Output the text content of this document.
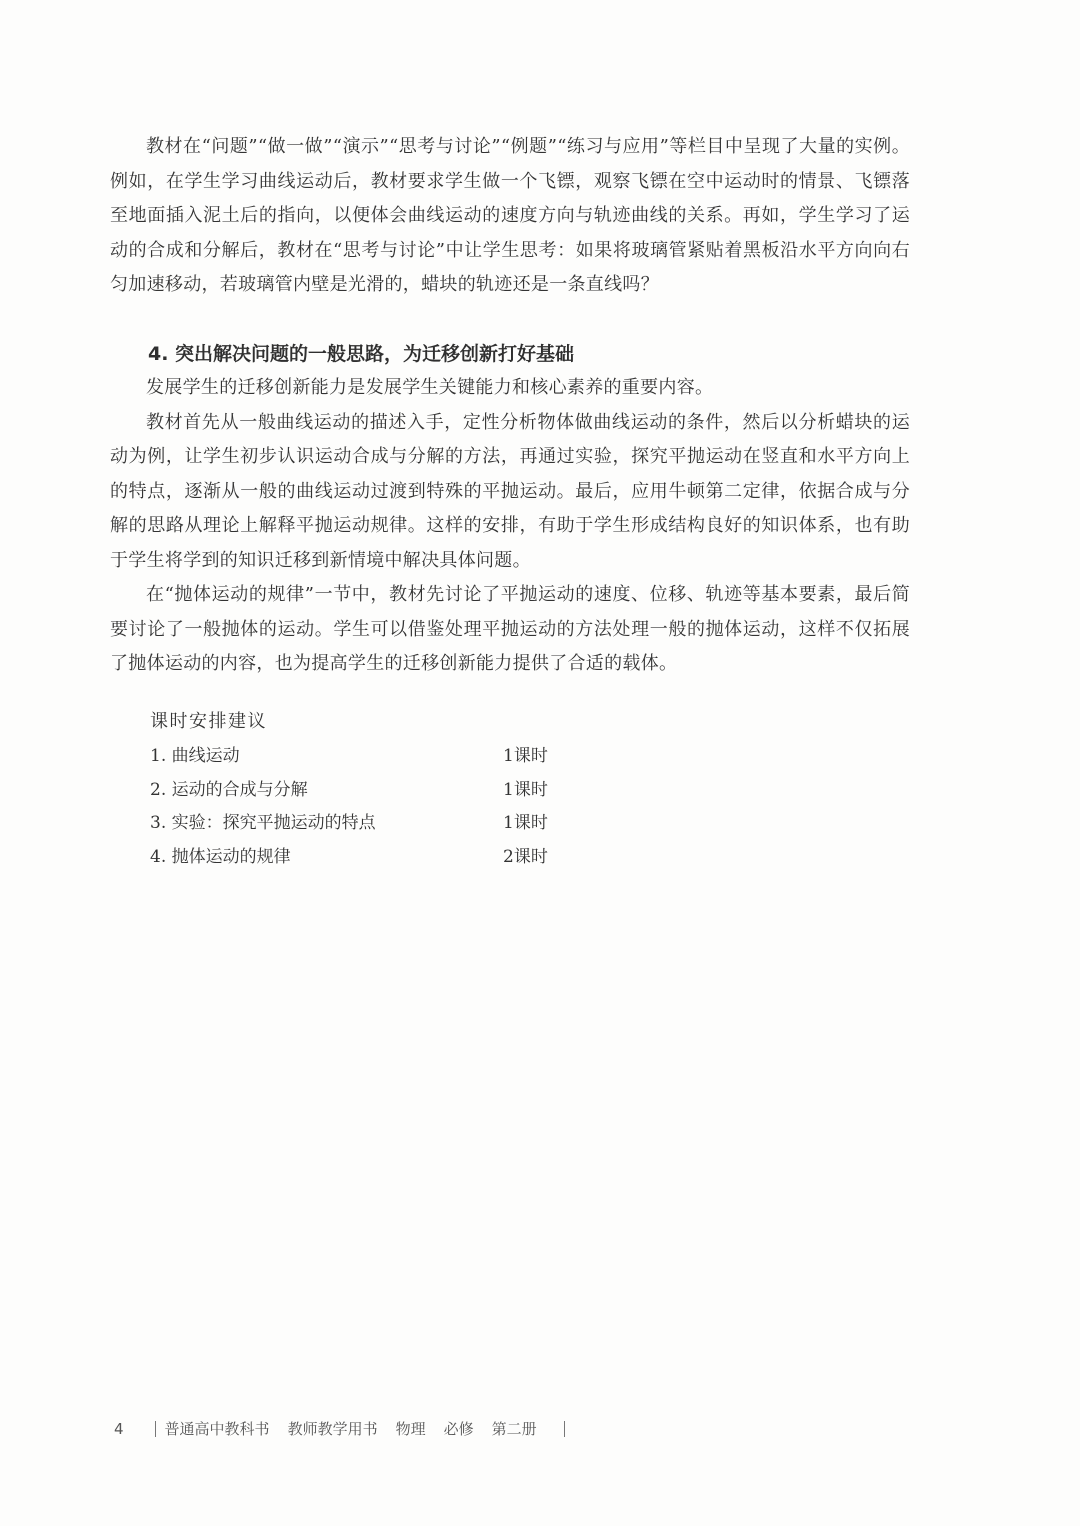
教材在“问题”“做一做”“演示”“思考与讨论”“例题”“练习与应用”等栏目中呈现了大量的实例。例如，在学生学习曲线运动后，教材要求学生做一个飞镖，观察飞镖在空中运动时的情景、飞镖落至地面插入泥土后的指向，以便体会曲线运动的速度方向与轨迹曲线的关系。再如，学生学习了运动的合成和分解后，教材在“思考与讨论”中让学生思考：如果将玻璃管紧贴着黑板沿水平方向向右匀加速移动，若玻璃管内壁是光滑的，蜡块的轨迹还是一条直线吗？

4. 突出解决问题的一般思路，为迁移创新打好基础

发展学生的迁移创新能力是发展学生关键能力和核心素养的重要内容。

教材首先从一般曲线运动的描述入手，定性分析物体做曲线运动的条件，然后以分析蜡块的运动为例，让学生初步认识运动合成与分解的方法，再通过实验，探究平抛运动在竖直和水平方向上的特点，逐渐从一般的曲线运动过渡到特殊的平抛运动。最后，应用牛顿第二定律，依据合成与分解的思路从理论上解释平抛运动规律。这样的安排，有助于学生形成结构良好的知识体系，也有助于学生将学到的知识迁移到新情境中解决具体问题。

在“抛体运动的规律”一节中，教材先讨论了平抛运动的速度、位移、轨迹等基本要素，最后简要讨论了一般抛体的运动。学生可以借鉴处理平抛运动的方法处理一般的抛体运动，这样不仅拓展了抛体运动的内容，也为提高学生的迁移创新能力提供了合适的载体。

课时安排建议
1. 曲线运动	1课时
2. 运动的合成与分解	1课时
3. 实验：探究平抛运动的特点	1课时
4. 抛体运动的规律	2课时
4	普通高中教科书 教师教学用书 物理 必修 第二册
